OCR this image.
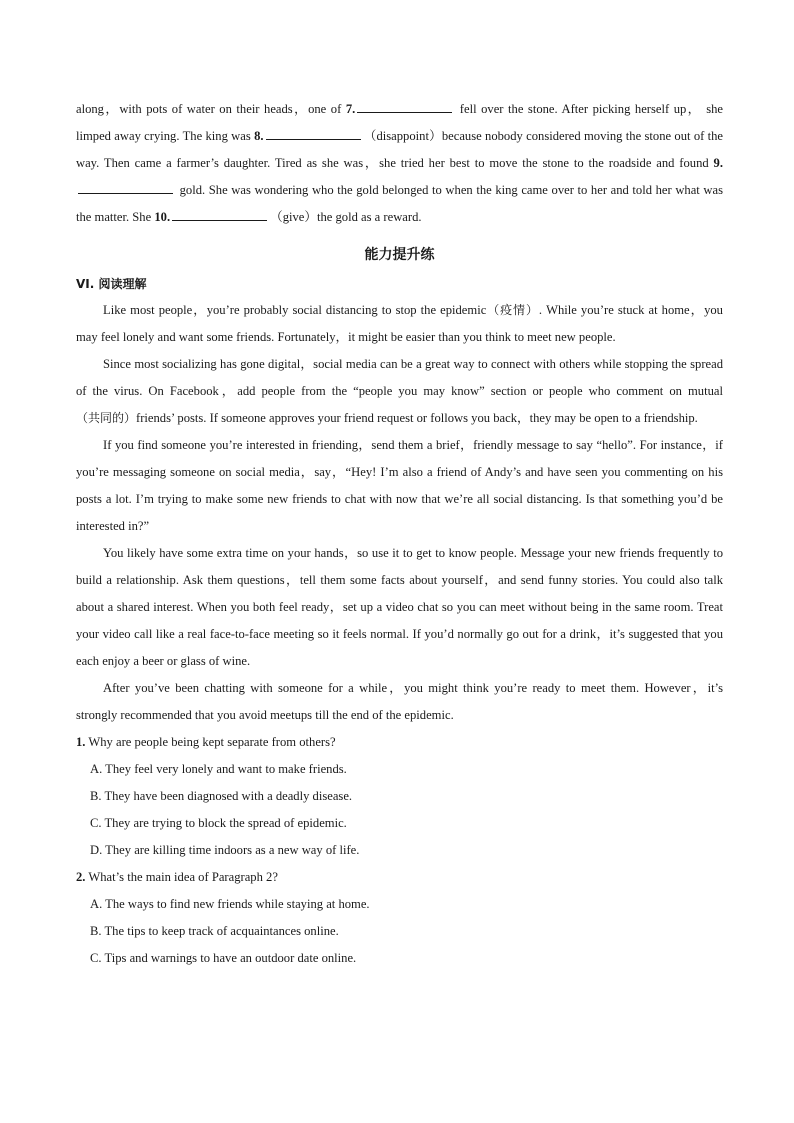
along，with pots of water on their heads，one of 7.	fell over the stone. After picking herself up， she limped away crying. The king was 8.	（disappoint）because nobody considered moving the stone out of the way. Then came a farmer’s daughter. Tired as she was，she tried her best to move the stone to the roadside and found 9. gold. She was wondering who the gold belonged to when the king came over to her and told her what was the matter. She 10.	（give）the gold as a reward.

能力提升练
VI. 阅读理解

Like most people，you’re probably social distancing to stop the epidemic（疫情）. While you’re stuck at home，you may feel lonely and want some friends. Fortunately，it might be easier than you think to meet new people.

Since most socializing has gone digital，social media can be a great way to connect with others while stopping the spread of the virus. On Facebook，add people from the “people you may know” section or people who comment on mutual（共同的）friends’ posts. If someone approves your friend request or follows you back，they may be open to a friendship.

If you find someone you’re interested in friending，send them a brief，friendly message to say “hello”. For instance，if you’re messaging someone on social media，say，“Hey! I’m also a friend of Andy’s and have seen you commenting on his posts a lot. I’m trying to make some new friends to chat with now that we’re all social distancing. Is that something you’d be interested in?”

You likely have some extra time on your hands，so use it to get to know people. Message your new friends frequently to build a relationship. Ask them questions，tell them some facts about yourself，and send funny stories. You could also talk about a shared interest. When you both feel ready，set up a video chat so you can meet without being in the same room. Treat your video call like a real face-to-face meeting so it feels normal. If you’d normally go out for a drink，it’s suggested that you each enjoy a beer or glass of wine.

After you’ve been chatting with someone for a while，you might think you’re ready to meet them. However，it’s strongly recommended that you avoid meetups till the end of the epidemic.

1. Why are people being kept separate from others?

A. They feel very lonely and want to make friends.

B. They have been diagnosed with a deadly disease.

C. They are trying to block the spread of epidemic.

D. They are killing time indoors as a new way of life.

2. What’s the main idea of Paragraph 2?

A. The ways to find new friends while staying at home.

B. The tips to keep track of acquaintances online.

C. Tips and warnings to have an outdoor date online.
